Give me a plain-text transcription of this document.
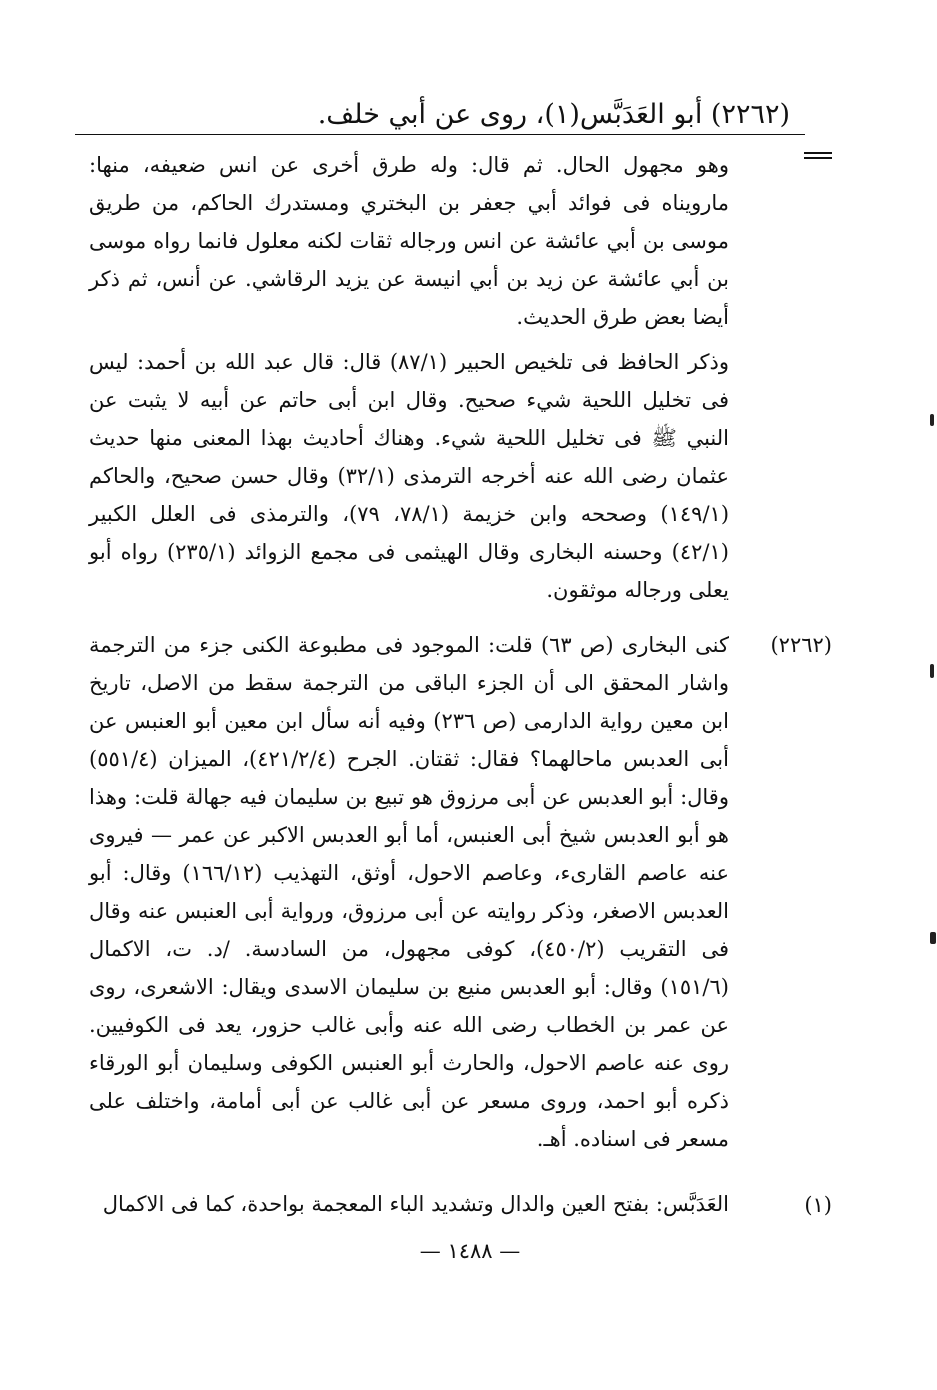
(٢٢٦٢) أبو العَدَبَّس(١)، روى عن أبي خلف.
وهو مجهول الحال. ثم قال: وله طرق أخرى عن انس ضعيفه، منها: مارويناه فى فوائد أبي جعفر بن البختري ومستدرك الحاكم، من طريق موسى بن أبي عائشة عن انس ورجاله ثقات لكنه معلول فانما رواه موسى بن أبي عائشة عن زيد بن أبي انيسة عن يزيد الرقاشي. عن أنس، ثم ذكر أيضا بعض طرق الحديث.
وذكر الحافظ فى تلخيص الحبير (٨٧/١) قال: قال عبد الله بن أحمد: ليس فى تخليل اللحية شيء صحيح. وقال ابن أبى حاتم عن أبيه لا يثبت عن النبي ﷺ فى تخليل اللحية شيء. وهناك أحاديث بهذا المعنى منها حديث عثمان رضى الله عنه أخرجه الترمذى (٣٢/١) وقال حسن صحيح، والحاكم (١٤٩/١) وصححه وابن خزيمة (٧٨/١، ٧٩)، والترمذى فى العلل الكبير (٤٢/١) وحسنه البخارى وقال الهيثمى فى مجمع الزوائد (٢٣٥/١) رواه أبو يعلى ورجاله موثقون.
(٢٢٦٢)
كنى البخارى (ص ٦٣) قلت: الموجود فى مطبوعة الكنى جزء من الترجمة واشار المحقق الى أن الجزء الباقى من الترجمة سقط من الاصل، تاريخ ابن معين رواية الدارمى (ص ٢٣٦) وفيه أنه سأل ابن معين أبو العنبس عن أبى العدبس ماحالهما؟ فقال: ثقتان. الجرح (٤٢١/٢/٤)، الميزان (٥٥١/٤) وقال: أبو العدبس عن أبى مرزوق هو تبيع بن سليمان فيه جهالة قلت: وهذا هو أبو العدبس شيخ أبى العنبس، أما أبو العدبس الاكبر عن عمر — فيروى عنه عاصم القارىء، وعاصم الاحول، أوثق، التهذيب (١٦٦/١٢) وقال: أبو العدبس الاصغر، وذكر روايته عن أبى مرزوق، ورواية أبى العنبس عنه وقال فى التقريب (٤٥٠/٢)، كوفى مجهول، من السادسة. /د. ت، الاكمال (١٥١/٦) وقال: أبو العدبس منيع بن سليمان الاسدى ويقال: الاشعرى، روى عن عمر بن الخطاب رضى الله عنه وأبى غالب حزور، يعد فى الكوفيين. روى عنه عاصم الاحول، والحارث أبو العنبس الكوفى وسليمان أبو الورقاء ذكره أبو احمد، وروى مسعر عن أبى غالب عن أبى أمامة، واختلف على مسعر فى اسناده. أهـ.
(١)
العَدَبَّس: بفتح العين والدال وتشديد الباء المعجمة بواحدة، كما فى الاكمال
— ١٤٨٨ —
